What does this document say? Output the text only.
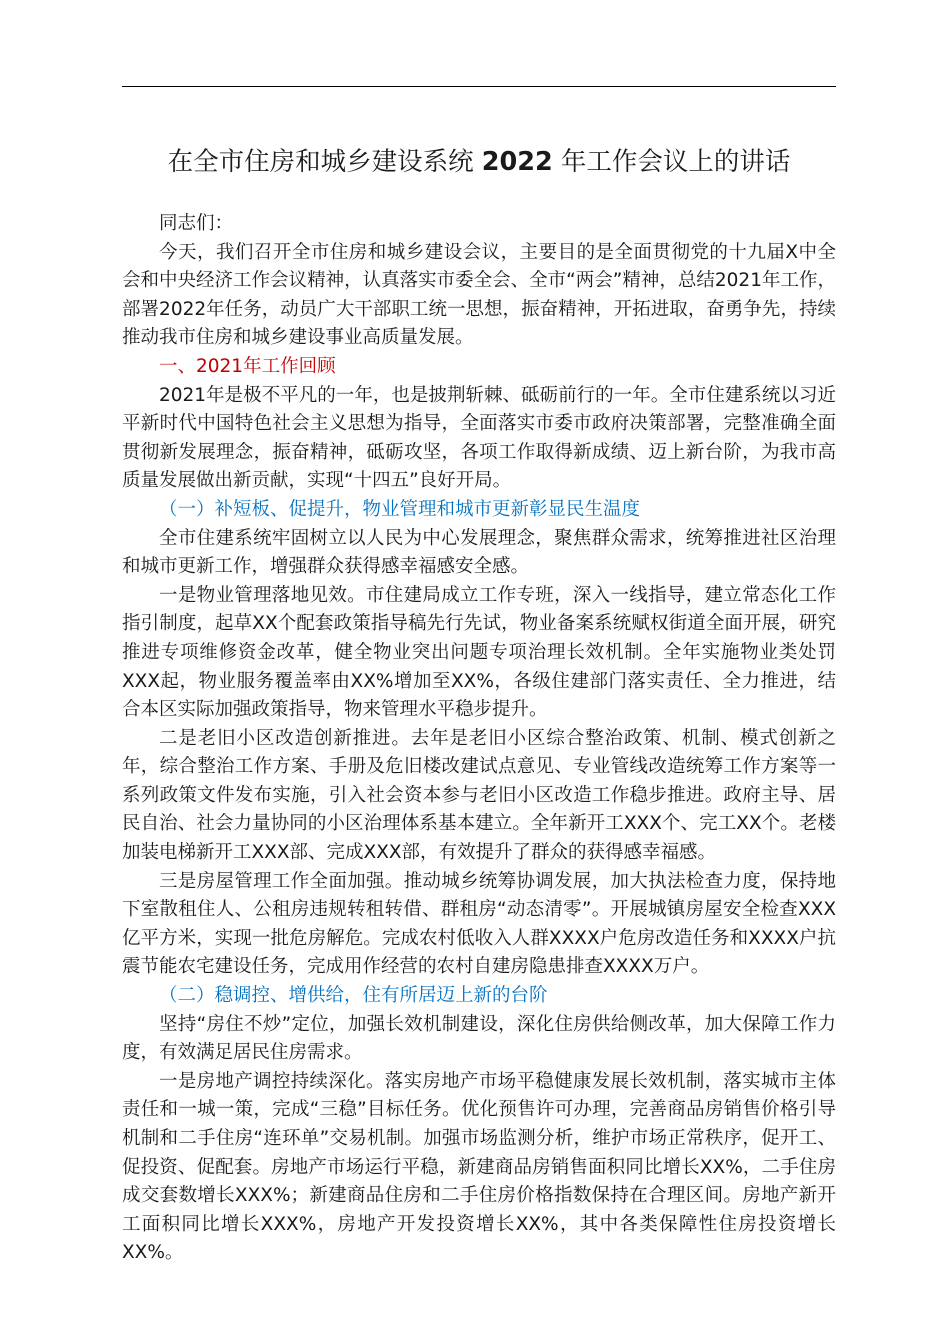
在全市住房和城乡建设系统 2022 年工作会议上的讲话

同志们：

今天，我们召开全市住房和城乡建设会议，主要目的是全面贯彻党的十九届X中全会和中央经济工作会议精神，认真落实市委全会、全市“两会”精神，总结2021年工作，部署2022年任务，动员广大干部职工统一思想，振奋精神，开拓进取，奋勇争先，持续推动我市住房和城乡建设事业高质量发展。

一、2021年工作回顾

2021年是极不平凡的一年，也是披荆斩棘、砥砺前行的一年。全市住建系统以习近平新时代中国特色社会主义思想为指导，全面落实市委市政府决策部署，完整准确全面贯彻新发展理念，振奋精神，砥砺攻坚，各项工作取得新成绩、迈上新台阶，为我市高质量发展做出新贡献，实现“十四五”良好开局。

（一）补短板、促提升，物业管理和城市更新彰显民生温度

全市住建系统牢固树立以人民为中心发展理念，聚焦群众需求，统筹推进社区治理和城市更新工作，增强群众获得感幸福感安全感。

一是物业管理落地见效。市住建局成立工作专班，深入一线指导，建立常态化工作指引制度，起草XX个配套政策指导稿先行先试，物业备案系统赋权街道全面开展，研究推进专项维修资金改革，健全物业突出问题专项治理长效机制。全年实施物业类处罚XXX起，物业服务覆盖率由XX%增加至XX%，各级住建部门落实责任、全力推进，结合本区实际加强政策指导，物来管理水平稳步提升。

二是老旧小区改造创新推进。去年是老旧小区综合整治政策、机制、模式创新之年，综合整治工作方案、手册及危旧楼改建试点意见、专业管线改造统筹工作方案等一系列政策文件发布实施，引入社会资本参与老旧小区改造工作稳步推进。政府主导、居民自治、社会力量协同的小区治理体系基本建立。全年新开工XXX个、完工XX个。老楼加装电梯新开工XXX部、完成XXX部，有效提升了群众的获得感幸福感。

三是房屋管理工作全面加强。推动城乡统筹协调发展，加大执法检查力度，保持地下室散租住人、公租房违规转租转借、群租房“动态清零”。开展城镇房屋安全检查XXX亿平方米，实现一批危房解危。完成农村低收入人群XXXX户危房改造任务和XXXX户抗震节能农宅建设任务，完成用作经营的农村自建房隐患排查XXXX万户。

（二）稳调控、增供给，住有所居迈上新的台阶

坚持“房住不炒”定位，加强长效机制建设，深化住房供给侧改革，加大保障工作力度，有效满足居民住房需求。

一是房地产调控持续深化。落实房地产市场平稳健康发展长效机制，落实城市主体责任和一城一策，完成“三稳”目标任务。优化预售许可办理，完善商品房销售价格引导机制和二手住房“连环单”交易机制。加强市场监测分析，维护市场正常秩序，促开工、促投资、促配套。房地产市场运行平稳，新建商品房销售面积同比增长XX%，二手住房成交套数增长XXX%；新建商品住房和二手住房价格指数保持在合理区间。房地产新开工面积同比增长XXX%，房地产开发投资增长XX%，其中各类保障性住房投资增长XX%。
